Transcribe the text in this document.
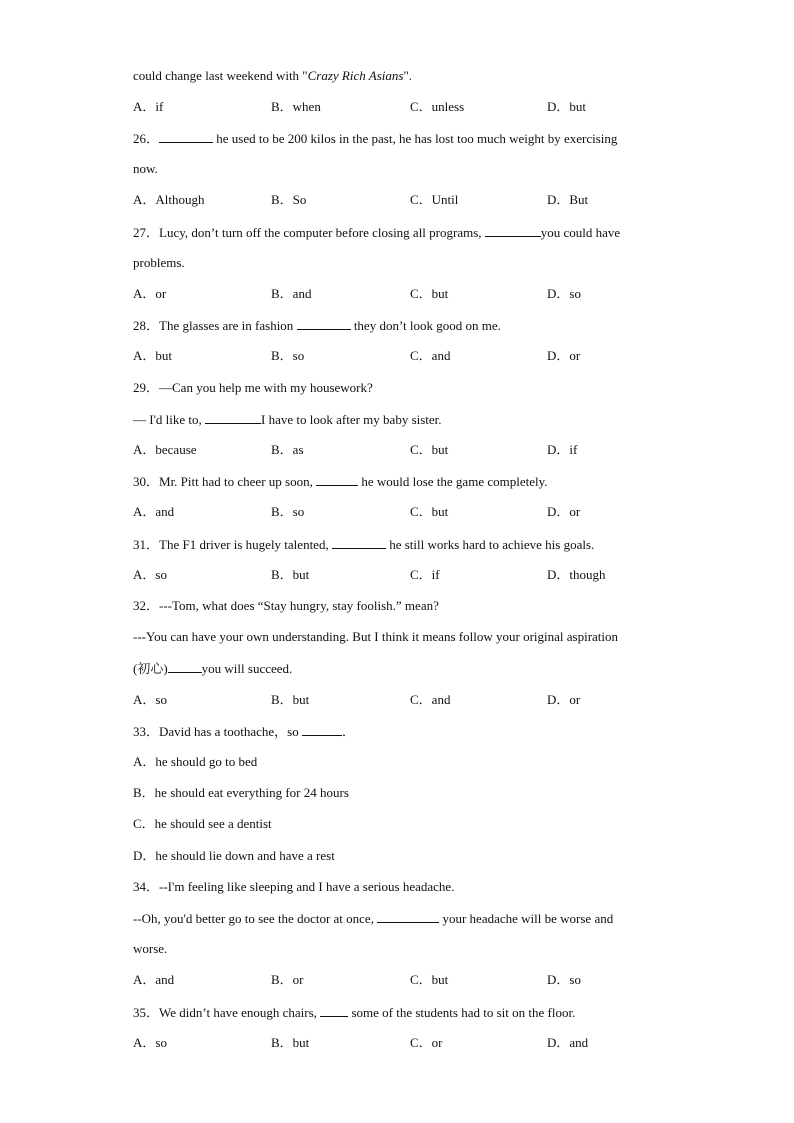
could change last weekend with "Crazy Rich Asians".
A．if	B．when	C．unless	D．but
26．	he used to be 200 kilos in the past, he has lost too much weight by exercising
now.
A．Although	B．So	C．Until	D．But
27．Lucy, don’t turn off the computer before closing all programs,	you could have
problems.
A．or	B．and	C．but	D．so
28．The glasses are in fashion	they don’t look good on me.
A．but	B．so	C．and	D．or
29．—Can you help me with my housework?
— I'd like to,	I have to look after my baby sister.
A．because	B．as	C．but	D．if
30．Mr. Pitt had to cheer up soon,	he would lose the game completely.
A．and	B．so	C．but	D．or
31．The F1 driver is hugely talented,	he still works hard to achieve his goals.
A．so	B．but	C．if	D．though
32．---Tom, what does “Stay hungry, stay foolish.” mean?
---You can have your own understanding. But I think it means follow your original aspiration
(初心)	you will succeed.
A．so	B．but	C．and	D．or
33．David has a toothache，so	．
A．he should go to bed
B．he should eat everything for 24 hours
C．he should see a dentist
D．he should lie down and have a rest
34．--I'm feeling like sleeping and I have a serious headache.
--Oh, you'd better go to see the doctor at once,	your headache will be worse and
worse.
A．and	B．or	C．but	D．so
35．We didn’t have enough chairs,  some of the students had to sit on the floor.
A．so	B．but	C．or	D．and
